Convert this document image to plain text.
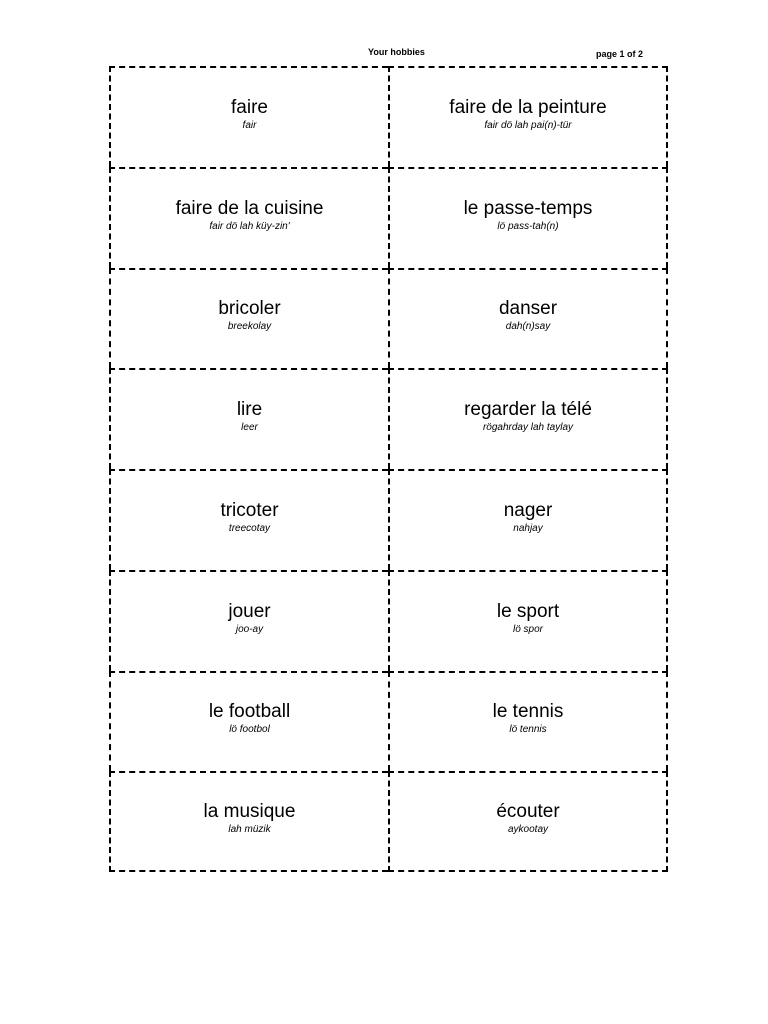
Your hobbies	page 1 of 2
faire
fair
faire de la peinture
fair dö lah pai(n)-tür
faire de la cuisine
fair dö lah küy-zin'
le passe-temps
lö pass-tah(n)
bricoler
breekolay
danser
dah(n)say
lire
leer
regarder la télé
rögahrday lah taylay
tricoter
treecotay
nager
nahjay
jouer
joo-ay
le sport
lö spor
le football
lö footbol
le tennis
lö tennis
la musique
lah müzik
écouter
aykootay
